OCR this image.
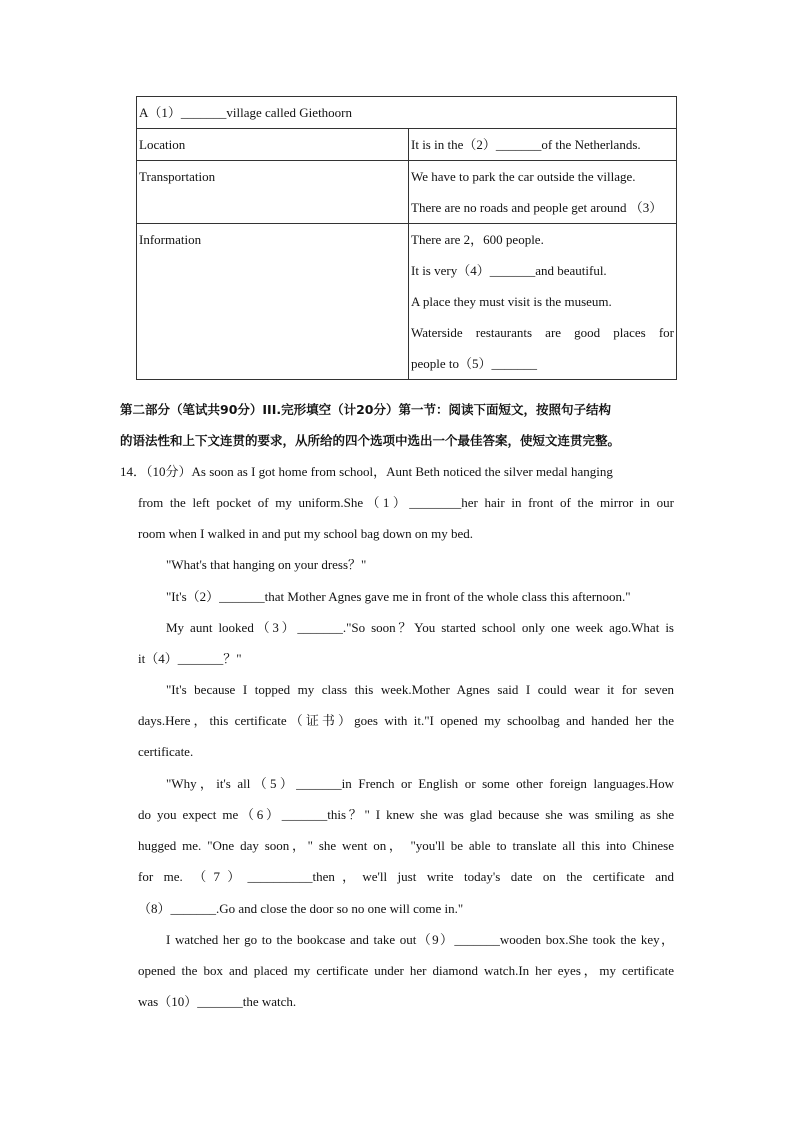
A（1）_______village called Giethoorn	
Location	It is in the（2）_______of the Netherlands.

Transportation	We have to park the car outside the village.
There are no roads and people get around （3）

Information	There are 2，600 people.
It is very（4）_______and beautiful.
A place they must visit is the museum.
Waterside restaurants are good places for
people to（5）_______
第二部分（笔试共90分）III.完形填空（计20分）第一节：阅读下面短文，按照句子结构
的语法性和上下文连贯的要求，从所给的四个选项中选出一个最佳答案，使短文连贯完整。
14．（10分）As soon as I got home from school，Aunt Beth noticed the silver medal hanging
from the left pocket of my uniform.She（1）________her hair in front of the mirror in our
room when I walked in and put my school bag down on my bed.
"What's that hanging on your dress？"
"It's（2）_______that Mother Agnes gave me in front of the whole class this afternoon."
My aunt looked（3）_______."So soon？You started school only one week ago.What is
it（4）_______？"
"It's because I topped my class this week.Mother Agnes said I could wear it for seven
days.Here，this certificate（证书）goes with it."I opened my schoolbag and handed her the
certificate.
"Why，it's all（5）_______in French or English or some other foreign languages.How
do you expect me（6）_______this？" I knew she was glad because she was smiling as she
hugged me. "One day soon，" she went on， "you'll be able to translate all this into Chinese
for me. （7）__________then，we'll just write today's date on the certificate and
（8）_______.Go and close the door so no one will come in."
I watched her go to the bookcase and take out（9）_______wooden box.She took the key，
opened the box and placed my certificate under her diamond watch.In her eyes，my certificate
was（10）_______the watch.
